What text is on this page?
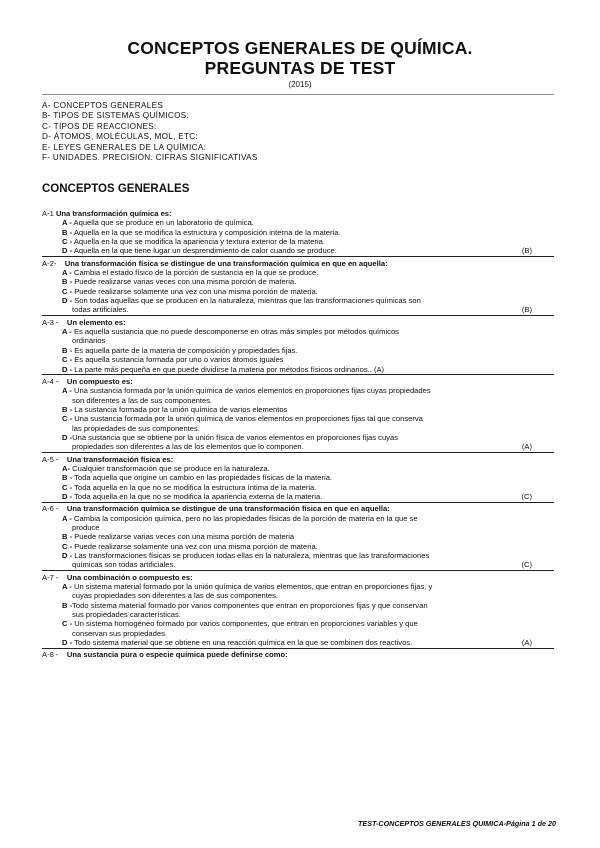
CONCEPTOS GENERALES DE QUÍMICA.
PREGUNTAS DE TEST
(2015)
A- CONCEPTOS GENERALES
B- TIPOS DE SISTEMAS QUÍMICOS:
C- TIPOS DE REACCIONES:
D- ÁTOMOS, MOLÉCULAS, MOL, ETC:
E- LEYES GENERALES DE LA QUÍMICA:
F- UNIDADES. PRECISIÓN. CIFRAS SIGNIFICATIVAS
CONCEPTOS GENERALES
A-1 Una transformación química es:
A - Aquella que se produce en un laboratorio de química.
B - Aquella en la que se modifica la estructura y composición interna de la materia.
C - Aquella en la que se modifica la apariencia y textura exterior de la materia.
D - Aquella en la que tiene lugar un desprendimiento de calor cuando se produce.	(B)
A-2- Una transformación física se distingue de una transformación química en que en aquella:
A - Cambia el estado físico de la porción de sustancia en la que se produce.
B - Puede realizarse varias veces con una misma porción de materia.
C - Puede realizarse solamente una vez con una misma porción de materia.
D - Son todas aquellas que se producen en la naturaleza, mientras que las transformaciones químicas son
todas artificiales.	(B)
A-3 - Un elemento es:
A - Es aquella sustancia que no puede descomponerse en otras más simples por métodos químicos
ordinarios
B - Es aquella parte de la materia de composición y propiedades fijas.
C - Es aquella sustancia formada por uno o varios átomos iguales
D - La parte más pequeña en que puede dividirse la materia por métodos físicos ordinarios.. (A)
A-4 - Un compuesto es:
A - Una sustancia formada por la unión química de varios elementos en proporciones fijas cuyas propiedades
son diferentes a las de sus componentes.
B - La sustancia formada por la unión química de varios elementos
C - Una sustancia formada por la unión química de varios elementos en proporciones fijas tal que conserva
las propiedades de sus componentes.
D -Una sustancia que se obtiene por la unión física de varios elementos en proporciones fijas cuyas
propiedades son diferentes a las de los elementos que lo componen.	(A)
A-5 - Una transformación física es:
A- Cualquier transformación que se produce en la naturaleza.
B - Toda aquella que origine un cambio en las propiedades físicas de la materia.
C - Toda aquella en la que no se modifica la estructura íntima de la materia.
D - Toda aquella en la que no se modifica la apariencia externa de la materia.	(C)
A-6 - Una transformación química se distingue de una transformación física en que en aquella:
A - Cambia la composición química, pero no las propiedades físicas de la porción de materia en la que se
produce
B - Puede realizarse varias veces con una misma porción de materia
C - Puede realizarse solamente una vez con una misma porción de materia.
D - Las transformaciones físicas se producen todas ellas en la naturaleza, mientras que las transformaciones
químicas son todas artificiales.	(C)
A-7 - Una combinación o compuesto es:
A - Un sistema material formado por la unión química de varios elementos, que entran en proporciones fijas, y
cuyas propiedades son diferentes a las de sus componentes.
B -Todo sistema material formado por varios componentes que entran en proporciones fijas y que conservan
sus propiedades características.
C - Un sistema homogéneo formado por varios componentes, que entran en proporciones variables y que
conservan sus propiedades.
D - Todo sistema material que se obtiene en una reacción química en la que se combinen dos reactivos.	(A)
A-8 - Una sustancia pura o especie química puede definirse como:
TEST-CONCEPTOS GENERALES QUIMICA-Página 1 de 20
